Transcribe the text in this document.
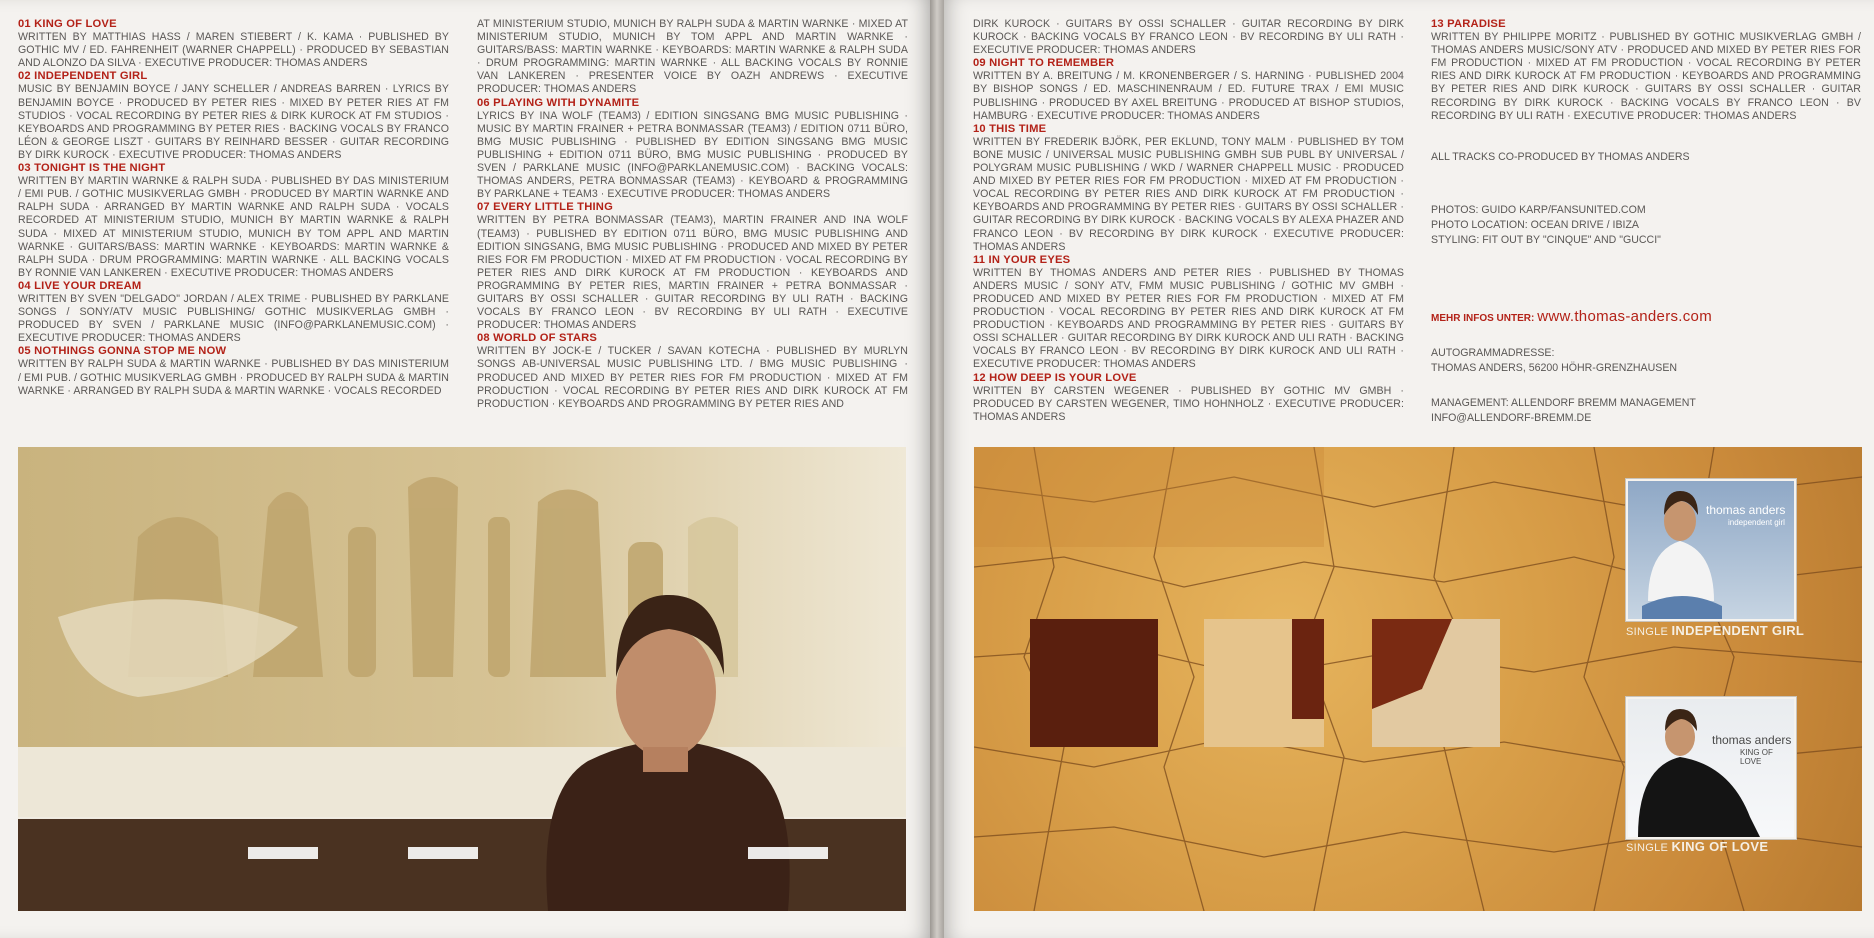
01 KING OF LOVE

WRITTEN BY MATTHIAS HASS / MAREN STIEBERT / K. KAMA · PUBLISHED BY GOTHIC MV / ED. FAHRENHEIT (WARNER CHAPPELL) · PRODUCED BY SEBASTIAN AND ALONZO DA SILVA · EXECUTIVE PRODUCER: THOMAS ANDERS

02 INDEPENDENT GIRL

MUSIC BY BENJAMIN BOYCE / JANY SCHELLER / ANDREAS BARREN · LYRICS BY BENJAMIN BOYCE · PRODUCED BY PETER RIES · MIXED BY PETER RIES AT FM STUDIOS · VOCAL RECORDING BY PETER RIES & DIRK KUROCK AT FM STUDIOS · KEYBOARDS AND PROGRAMMING BY PETER RIES · BACKING VOCALS BY FRANCO LÉON & GEORGE LISZT · GUITARS BY REINHARD BESSER · GUITAR RECORDING BY DIRK KUROCK · EXECUTIVE PRODUCER: THOMAS ANDERS

03 TONIGHT IS THE NIGHT

WRITTEN BY MARTIN WARNKE & RALPH SUDA · PUBLISHED BY DAS MINISTERIUM / EMI PUB. / GOTHIC MUSIKVERLAG GMBH · PRODUCED BY MARTIN WARNKE AND RALPH SUDA · ARRANGED BY MARTIN WARNKE AND RALPH SUDA · VOCALS RECORDED AT MINISTERIUM STUDIO, MUNICH BY MARTIN WARNKE & RALPH SUDA · MIXED AT MINISTERIUM STUDIO, MUNICH BY TOM APPL AND MARTIN WARNKE · GUITARS/BASS: MARTIN WARNKE · KEYBOARDS: MARTIN WARNKE & RALPH SUDA · DRUM PROGRAMMING: MARTIN WARNKE · ALL BACKING VOCALS BY RONNIE VAN LANKEREN · EXECUTIVE PRODUCER: THOMAS ANDERS

04 LIVE YOUR DREAM

WRITTEN BY SVEN "DELGADO" JORDAN / ALEX TRIME · PUBLISHED BY PARKLANE SONGS / SONY/ATV MUSIC PUBLISHING/ GOTHIC MUSIKVERLAG GMBH · PRODUCED BY SVEN / PARKLANE MUSIC (INFO@PARKLANEMUSIC.COM) · EXECUTIVE PRODUCER: THOMAS ANDERS

05 NOTHINGS GONNA STOP ME NOW

WRITTEN BY RALPH SUDA & MARTIN WARNKE · PUBLISHED BY DAS MINISTERIUM / EMI PUB. / GOTHIC MUSIKVERLAG GMBH · PRODUCED BY RALPH SUDA & MARTIN WARNKE · ARRANGED BY RALPH SUDA & MARTIN WARNKE · VOCALS RECORDED

AT MINISTERIUM STUDIO, MUNICH BY RALPH SUDA & MARTIN WARNKE · MIXED AT MINISTERIUM STUDIO, MUNICH BY TOM APPL AND MARTIN WARNKE · GUITARS/BASS: MARTIN WARNKE · KEYBOARDS: MARTIN WARNKE & RALPH SUDA · DRUM PROGRAMMING: MARTIN WARNKE · ALL BACKING VOCALS BY RONNIE VAN LANKEREN · PRESENTER VOICE BY OAZH ANDREWS · EXECUTIVE PRODUCER: THOMAS ANDERS

06 PLAYING WITH DYNAMITE

LYRICS BY INA WOLF (TEAM3) / EDITION SINGSANG BMG MUSIC PUBLISHING · MUSIC BY MARTIN FRAINER + PETRA BONMASSAR (TEAM3) / EDITION 0711 BÜRO, BMG MUSIC PUBLISHING · PUBLISHED BY EDITION SINGSANG BMG MUSIC PUBLISHING + EDITION 0711 BÜRO, BMG MUSIC PUBLISHING · PRODUCED BY SVEN / PARKLANE MUSIC (INFO@PARKLANEMUSIC.COM) · BACKING VOCALS: THOMAS ANDERS, PETRA BONMASSAR (TEAM3) · KEYBOARD & PROGRAMMING BY PARKLANE + TEAM3 · EXECUTIVE PRODUCER: THOMAS ANDERS

07 EVERY LITTLE THING

WRITTEN BY PETRA BONMASSAR (TEAM3), MARTIN FRAINER AND INA WOLF (TEAM3) · PUBLISHED BY EDITION 0711 BÜRO, BMG MUSIC PUBLISHING AND EDITION SINGSANG, BMG MUSIC PUBLISHING · PRODUCED AND MIXED BY PETER RIES FOR FM PRODUCTION · MIXED AT FM PRODUCTION · VOCAL RECORDING BY PETER RIES AND DIRK KUROCK AT FM PRODUCTION · KEYBOARDS AND PROGRAMMING BY PETER RIES, MARTIN FRAINER + PETRA BONMASSAR · GUITARS BY OSSI SCHALLER · GUITAR RECORDING BY ULI RATH · BACKING VOCALS BY FRANCO LEON · BV RECORDING BY ULI RATH · EXECUTIVE PRODUCER: THOMAS ANDERS

08 WORLD OF STARS

WRITTEN BY JOCK-E / TUCKER / SAVAN KOTECHA · PUBLISHED BY MURLYN SONGS AB-UNIVERSAL MUSIC PUBLISHING LTD. / BMG MUSIC PUBLISHING · PRODUCED AND MIXED BY PETER RIES FOR FM PRODUCTION · MIXED AT FM PRODUCTION · VOCAL RECORDING BY PETER RIES AND DIRK KUROCK AT FM PRODUCTION · KEYBOARDS AND PROGRAMMING BY PETER RIES AND

DIRK KUROCK · GUITARS BY OSSI SCHALLER · GUITAR RECORDING BY DIRK KUROCK · BACKING VOCALS BY FRANCO LEON · BV RECORDING BY ULI RATH · EXECUTIVE PRODUCER: THOMAS ANDERS

09 NIGHT TO REMEMBER

WRITTEN BY A. BREITUNG / M. KRONENBERGER / S. HARNING · PUBLISHED 2004 BY BISHOP SONGS / ED. MASCHINENRAUM / ED. FUTURE TRAX / EMI MUSIC PUBLISHING · PRODUCED BY AXEL BREITUNG · PRODUCED AT BISHOP STUDIOS, HAMBURG · EXECUTIVE PRODUCER: THOMAS ANDERS

10 THIS TIME

WRITTEN BY FREDERIK BJÖRK, PER EKLUND, TONY MALM · PUBLISHED BY TOM BONE MUSIC / UNIVERSAL MUSIC PUBLISHING GMBH SUB PUBL BY UNIVERSAL / POLYGRAM MUSIC PUBLISHING / WKD / WARNER CHAPPELL MUSIC · PRODUCED AND MIXED BY PETER RIES FOR FM PRODUCTION · MIXED AT FM PRODUCTION · VOCAL RECORDING BY PETER RIES AND DIRK KUROCK AT FM PRODUCTION · KEYBOARDS AND PROGRAMMING BY PETER RIES · GUITARS BY OSSI SCHALLER · GUITAR RECORDING BY DIRK KUROCK · BACKING VOCALS BY ALEXA PHAZER AND FRANCO LEON · BV RECORDING BY DIRK KUROCK · EXECUTIVE PRODUCER: THOMAS ANDERS

11 IN YOUR EYES

WRITTEN BY THOMAS ANDERS AND PETER RIES · PUBLISHED BY THOMAS ANDERS MUSIC / SONY ATV, FMM MUSIC PUBLISHING / GOTHIC MV GMBH · PRODUCED AND MIXED BY PETER RIES FOR FM PRODUCTION · MIXED AT FM PRODUCTION · VOCAL RECORDING BY PETER RIES AND DIRK KUROCK AT FM PRODUCTION · KEYBOARDS AND PROGRAMMING BY PETER RIES · GUITARS BY OSSI SCHALLER · GUITAR RECORDING BY DIRK KUROCK AND ULI RATH · BACKING VOCALS BY FRANCO LEON · BV RECORDING BY DIRK KUROCK AND ULI RATH · EXECUTIVE PRODUCER: THOMAS ANDERS

12 HOW DEEP IS YOUR LOVE

WRITTEN BY CARSTEN WEGENER · PUBLISHED BY GOTHIC MV GMBH · PRODUCED BY CARSTEN WEGENER, TIMO HOHNHOLZ · EXECUTIVE PRODUCER: THOMAS ANDERS

13 PARADISE

WRITTEN BY PHILIPPE MORITZ · PUBLISHED BY GOTHIC MUSIKVERLAG GMBH / THOMAS ANDERS MUSIC/SONY ATV · PRODUCED AND MIXED BY PETER RIES FOR FM PRODUCTION · MIXED AT FM PRODUCTION · VOCAL RECORDING BY PETER RIES AND DIRK KUROCK AT FM PRODUCTION · KEYBOARDS AND PROGRAMMING BY PETER RIES AND DIRK KUROCK · GUITARS BY OSSI SCHALLER · GUITAR RECORDING BY DIRK KUROCK · BACKING VOCALS BY FRANCO LEON · BV RECORDING BY ULI RATH · EXECUTIVE PRODUCER: THOMAS ANDERS

ALL TRACKS CO-PRODUCED BY THOMAS ANDERS
PHOTOS: GUIDO KARP/FANSUNITED.COM
PHOTO LOCATION: OCEAN DRIVE / IBIZA
STYLING: FIT OUT BY "CINQUE" AND "GUCCI"
MEHR INFOS UNTER: www.thomas-anders.com
AUTOGRAMMADRESSE:
THOMAS ANDERS, 56200 HÖHR-GRENZHAUSEN
MANAGEMENT: ALLENDORF BREMM MANAGEMENT
INFO@ALLENDORF-BREMM.DE
thomas anders
independent girl
SINGLE INDEPENDENT GIRL
thomas anders
KING OF LOVE
SINGLE KING OF LOVE
